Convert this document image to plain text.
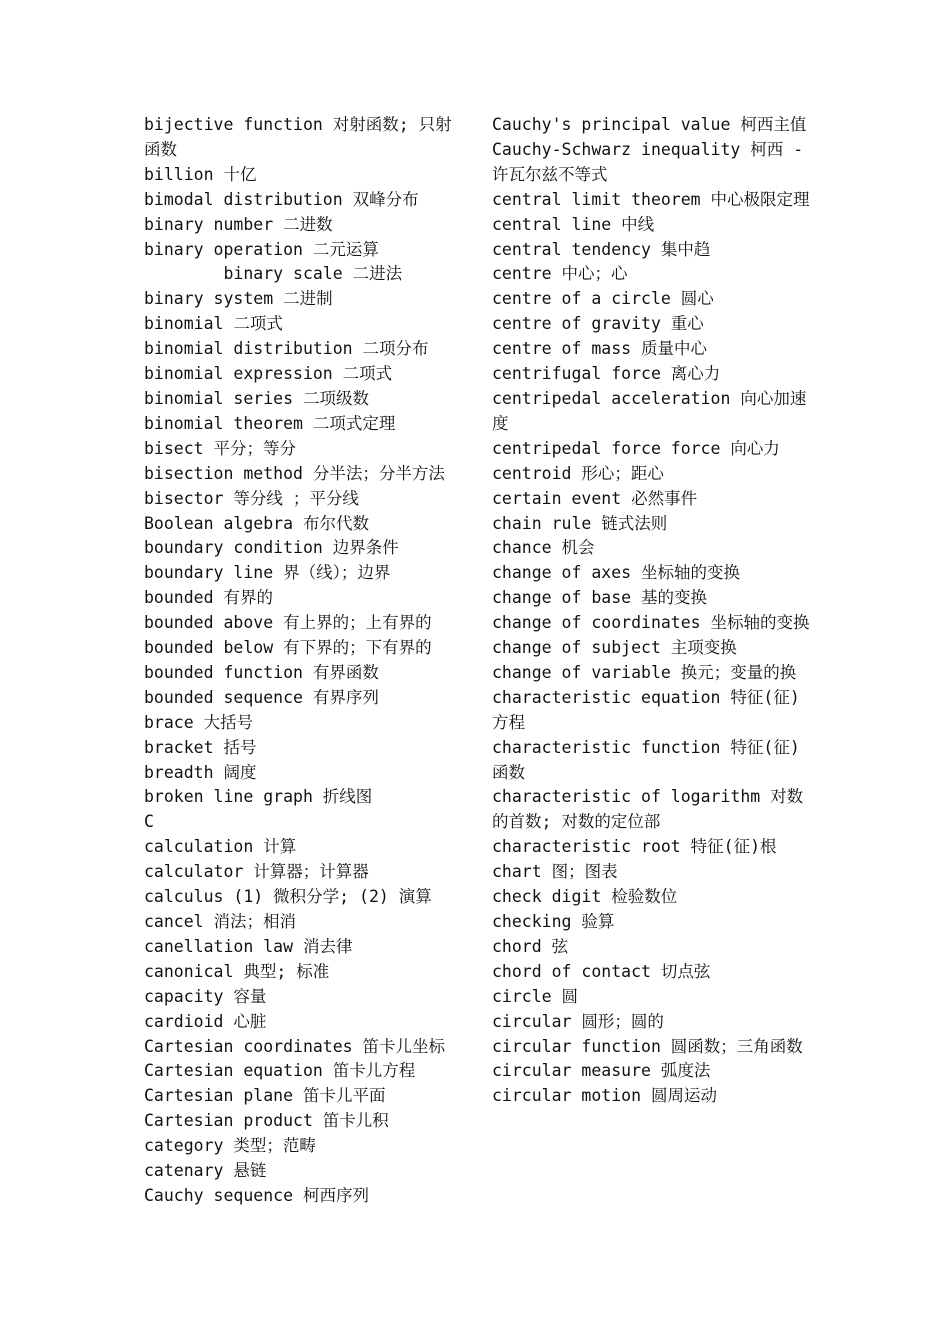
bijective function 对射函数; 只射函数
billion 十亿
bimodal distribution 双峰分布
binary number 二进数
binary operation 二元运算
binary scale 二进法
binary system 二进制
binomial 二项式
binomial distribution 二项分布
binomial expression 二项式
binomial series 二项级数
binomial theorem 二项式定理
bisect 平分；等分
bisection method 分半法；分半方法
bisector 等分线 ；平分线
Boolean algebra 布尔代数
boundary condition 边界条件
boundary line 界（线）；边界
bounded 有界的
bounded above 有上界的；上有界的
bounded below 有下界的；下有界的
bounded function 有界函数
bounded sequence 有界序列
brace 大括号
bracket 括号
breadth 阔度
broken line graph 折线图
C
calculation 计算
calculator 计算器；计算器
calculus (1) 微积分学; (2) 演算
cancel 消法；相消
canellation law 消去律
canonical 典型; 标准
capacity 容量
cardioid 心脏
Cartesian coordinates 笛卡儿坐标
Cartesian equation 笛卡儿方程
Cartesian plane 笛卡儿平面
Cartesian product 笛卡儿积
category 类型；范畴
catenary 悬链
Cauchy sequence 柯西序列
Cauchy's principal value 柯西主值
Cauchy-Schwarz inequality 柯西 -许瓦尔兹不等式
central limit theorem 中心极限定理
central line 中线
central tendency 集中趋
centre 中心；心
centre of a circle 圆心
centre of gravity 重心
centre of mass 质量中心
centrifugal force 离心力
centripedal acceleration 向心加速度
centripedal force force 向心力
centroid 形心；距心
certain event 必然事件
chain rule 链式法则
chance 机会
change of axes 坐标轴的变换
change of base 基的变换
change of coordinates 坐标轴的变换
change of subject 主项变换
change of variable 换元；变量的换
characteristic equation 特征(征)方程
characteristic function 特征(征)函数
characteristic of logarithm 对数的首数; 对数的定位部
characteristic root 特征(征)根
chart 图；图表
check digit 检验数位
checking 验算
chord 弦
chord of contact 切点弦
circle 圆
circular 圆形；圆的
circular function 圆函数；三角函数
circular measure 弧度法
circular motion 圆周运动
